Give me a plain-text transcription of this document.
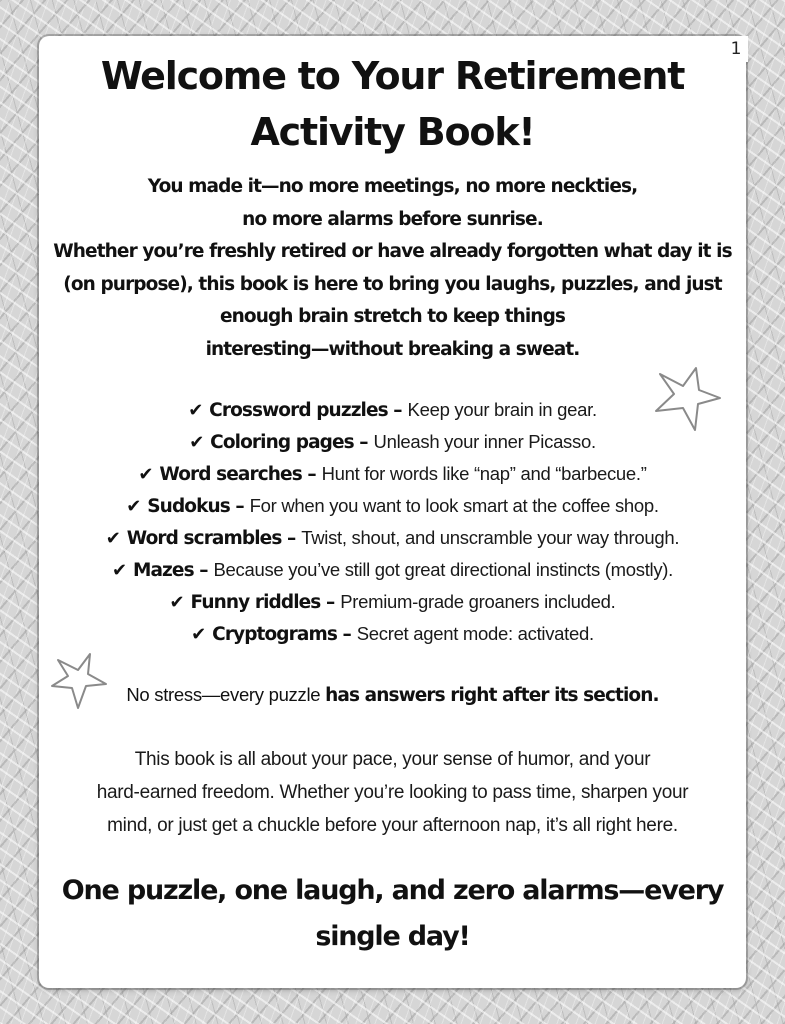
1
Welcome to Your Retirement
Activity Book!

You made it—no more meetings, no more neckties,
no more alarms before sunrise.
Whether you’re freshly retired or have already forgotten what day it is
(on purpose), this book is here to bring you laughs, puzzles, and just
enough brain stretch to keep things
interesting—without breaking a sweat.

✔ Crossword puzzles – Keep your brain in gear.
✔ Coloring pages – Unleash your inner Picasso.
✔ Word searches – Hunt for words like “nap” and “barbecue.”
✔ Sudokus – For when you want to look smart at the coffee shop.
✔ Word scrambles – Twist, shout, and unscramble your way through.
✔ Mazes – Because you’ve still got great directional instincts (mostly).
✔ Funny riddles – Premium-grade groaners included.
✔ Cryptograms – Secret agent mode: activated.

No stress—every puzzle has answers right after its section.

This book is all about your pace, your sense of humor, and your
hard-earned freedom. Whether you’re looking to pass time, sharpen your
mind, or just get a chuckle before your afternoon nap, it’s all right here.

One puzzle, one laugh, and zero alarms—every
single day!
